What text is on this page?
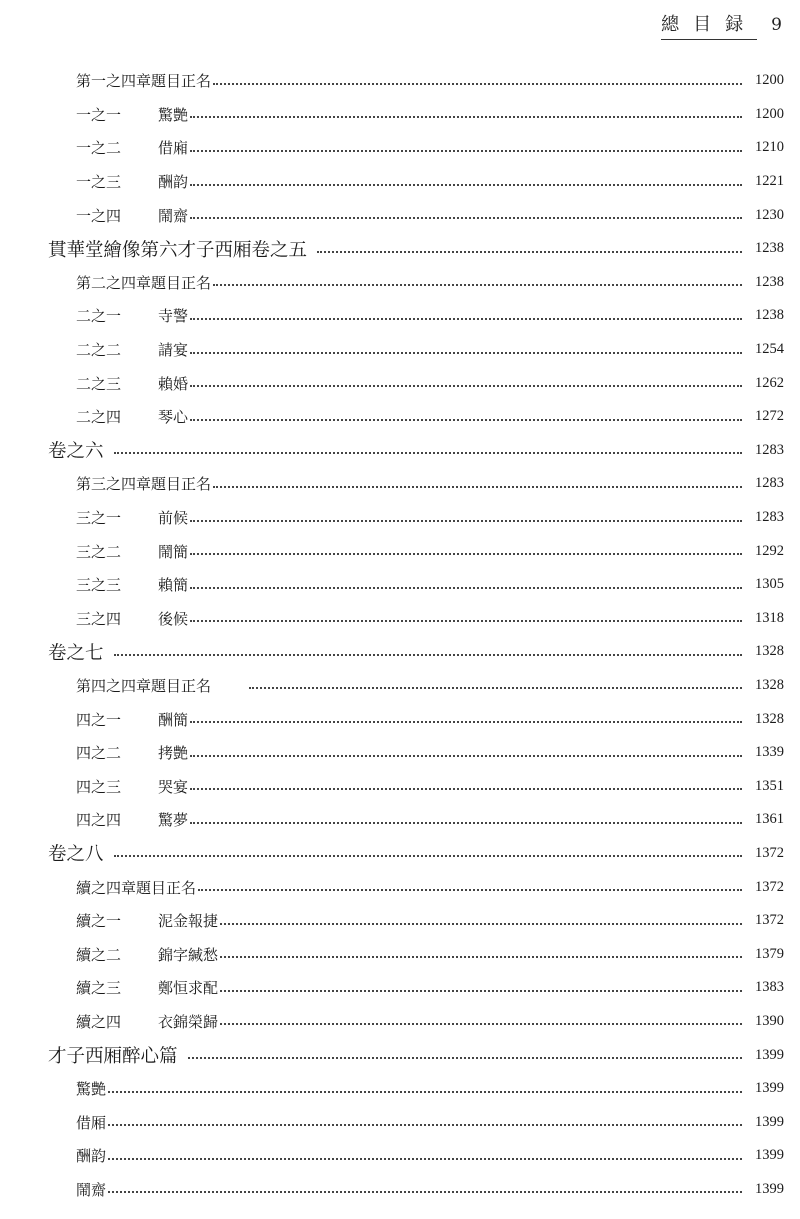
總目録 9
第一之四章題目正名	1200
一之一	驚艶	1200
一之二	借廂	1210
一之三	酬韵	1221
一之四	鬧齋	1230
貫華堂繪像第六才子西厢卷之五	1238
第二之四章題目正名	1238
二之一	寺警	1238
二之二	請宴	1254
二之三	賴婚	1262
二之四	琴心	1272
卷之六	1283
第三之四章題目正名	1283
三之一	前候	1283
三之二	鬧簡	1292
三之三	賴簡	1305
三之四	後候	1318
卷之七	1328
第四之四章題目正名	1328
四之一	酬簡	1328
四之二	拷艶	1339
四之三	哭宴	1351
四之四	驚夢	1361
卷之八	1372
續之四章題目正名	1372
續之一	泥金報捷	1372
續之二	錦字緘愁	1379
續之三	鄭恒求配	1383
續之四	衣錦榮歸	1390
才子西厢醉心篇	1399
驚艶	1399
借厢	1399
酬韵	1399
鬧齋	1399
